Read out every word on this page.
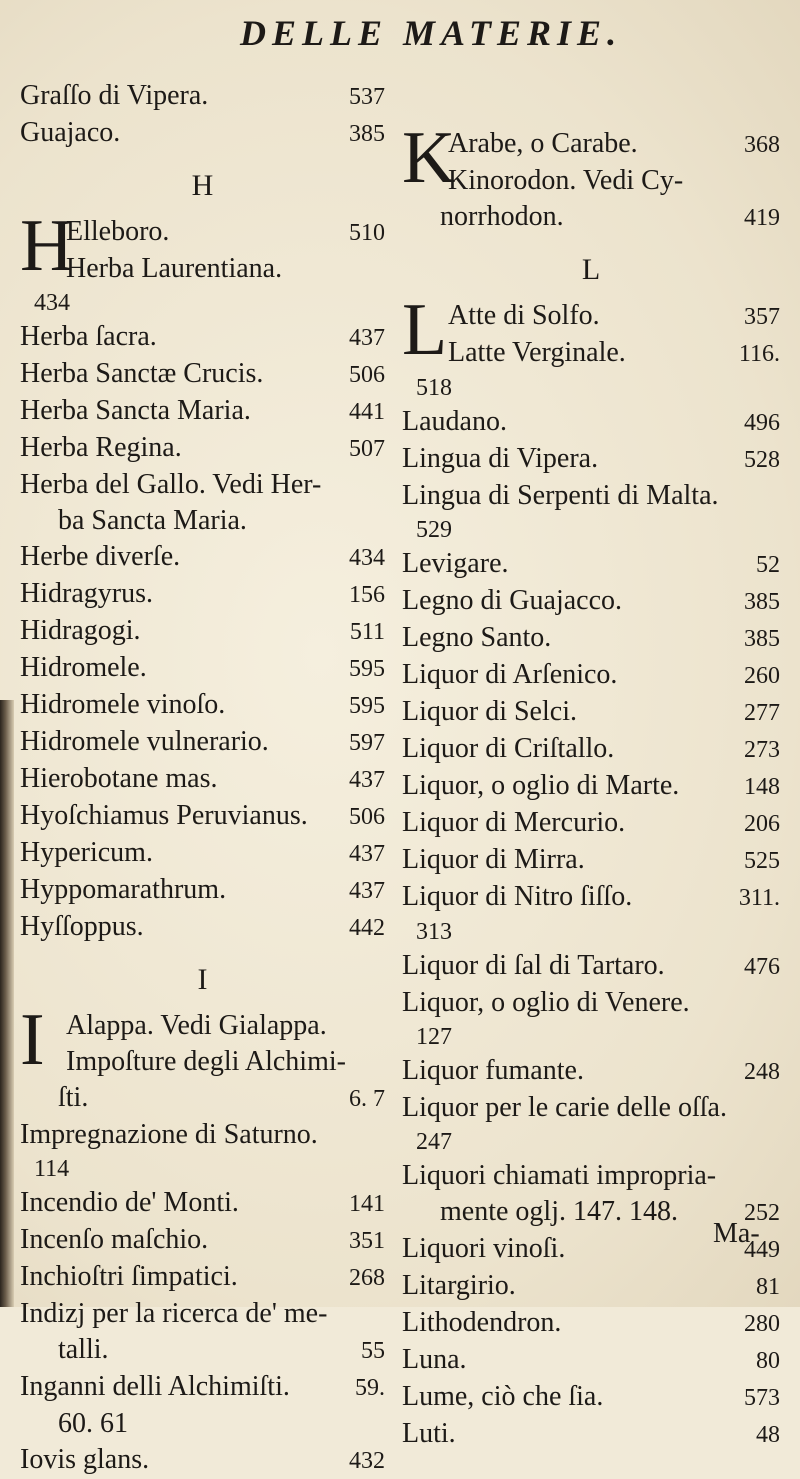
DELLE MATERIE.
Graſſo di Vipera.	537
Guajaco.	385
H
H
Elleboro.	510
Herba Laurentiana.
434
Herba ſacra.	437
Herba Sanctæ Crucis.	506
Herba Sancta Maria.	441
Herba Regina.	507
Herba del Gallo. Vedi Her-
ba Sancta Maria.
Herbe diverſe.	434
Hidragyrus.	156
Hidragogi.	511
Hidromele.	595
Hidromele vinoſo.	595
Hidromele vulnerario.	597
Hierobotane mas.	437
Hyoſchiamus Peruvianus. 506
Hypericum.	437
Hyppomarathrum.	437
Hyſſoppus.	442
I
I Alappa. Vedi Gialappa.
Impoſture degli Alchimi-
ſti.	6. 7
Impregnazione di Saturno.
114
Incendio de' Monti.	141
Incenſo maſchio.	351
Inchioſtri ſimpatici.	268
Indizj per la ricerca de' me-
talli.	55
Inganni delli Alchimiſti.	59.
60. 61
Iovis glans.	432
K
Arabe, o Carabe.	368
Kinorodon. Vedi Cy-
norrhodon.	419
L
L Atte di Solfo.	357
Latte Verginale.	116.
518
Laudano.	496
Lingua di Vipera.	528
Lingua di Serpenti di Malta.
529
Levigare.	52
Legno di Guajacco.	385
Legno Santo.	385
Liquor di Arſenico.	260
Liquor di Selci.	277
Liquor di Criſtallo.	273
Liquor, o oglio di Marte.	148
Liquor di Mercurio.	206
Liquor di Mirra.	525
Liquor di Nitro ſiſſo.	311.
313
Liquor di ſal di Tartaro.	476
Liquor, o oglio di Venere.
127
Liquor fumante.	248
Liquor per le carie delle oſſa.
247
Liquori chiamati impropria-
mente oglj. 147. 148.	252
Liquori vinoſi.	449
Litargirio.	81
Lithodendron.	280
Luna.	80
Lume, ciò che ſia.	573
Luti.	48
Ma-
